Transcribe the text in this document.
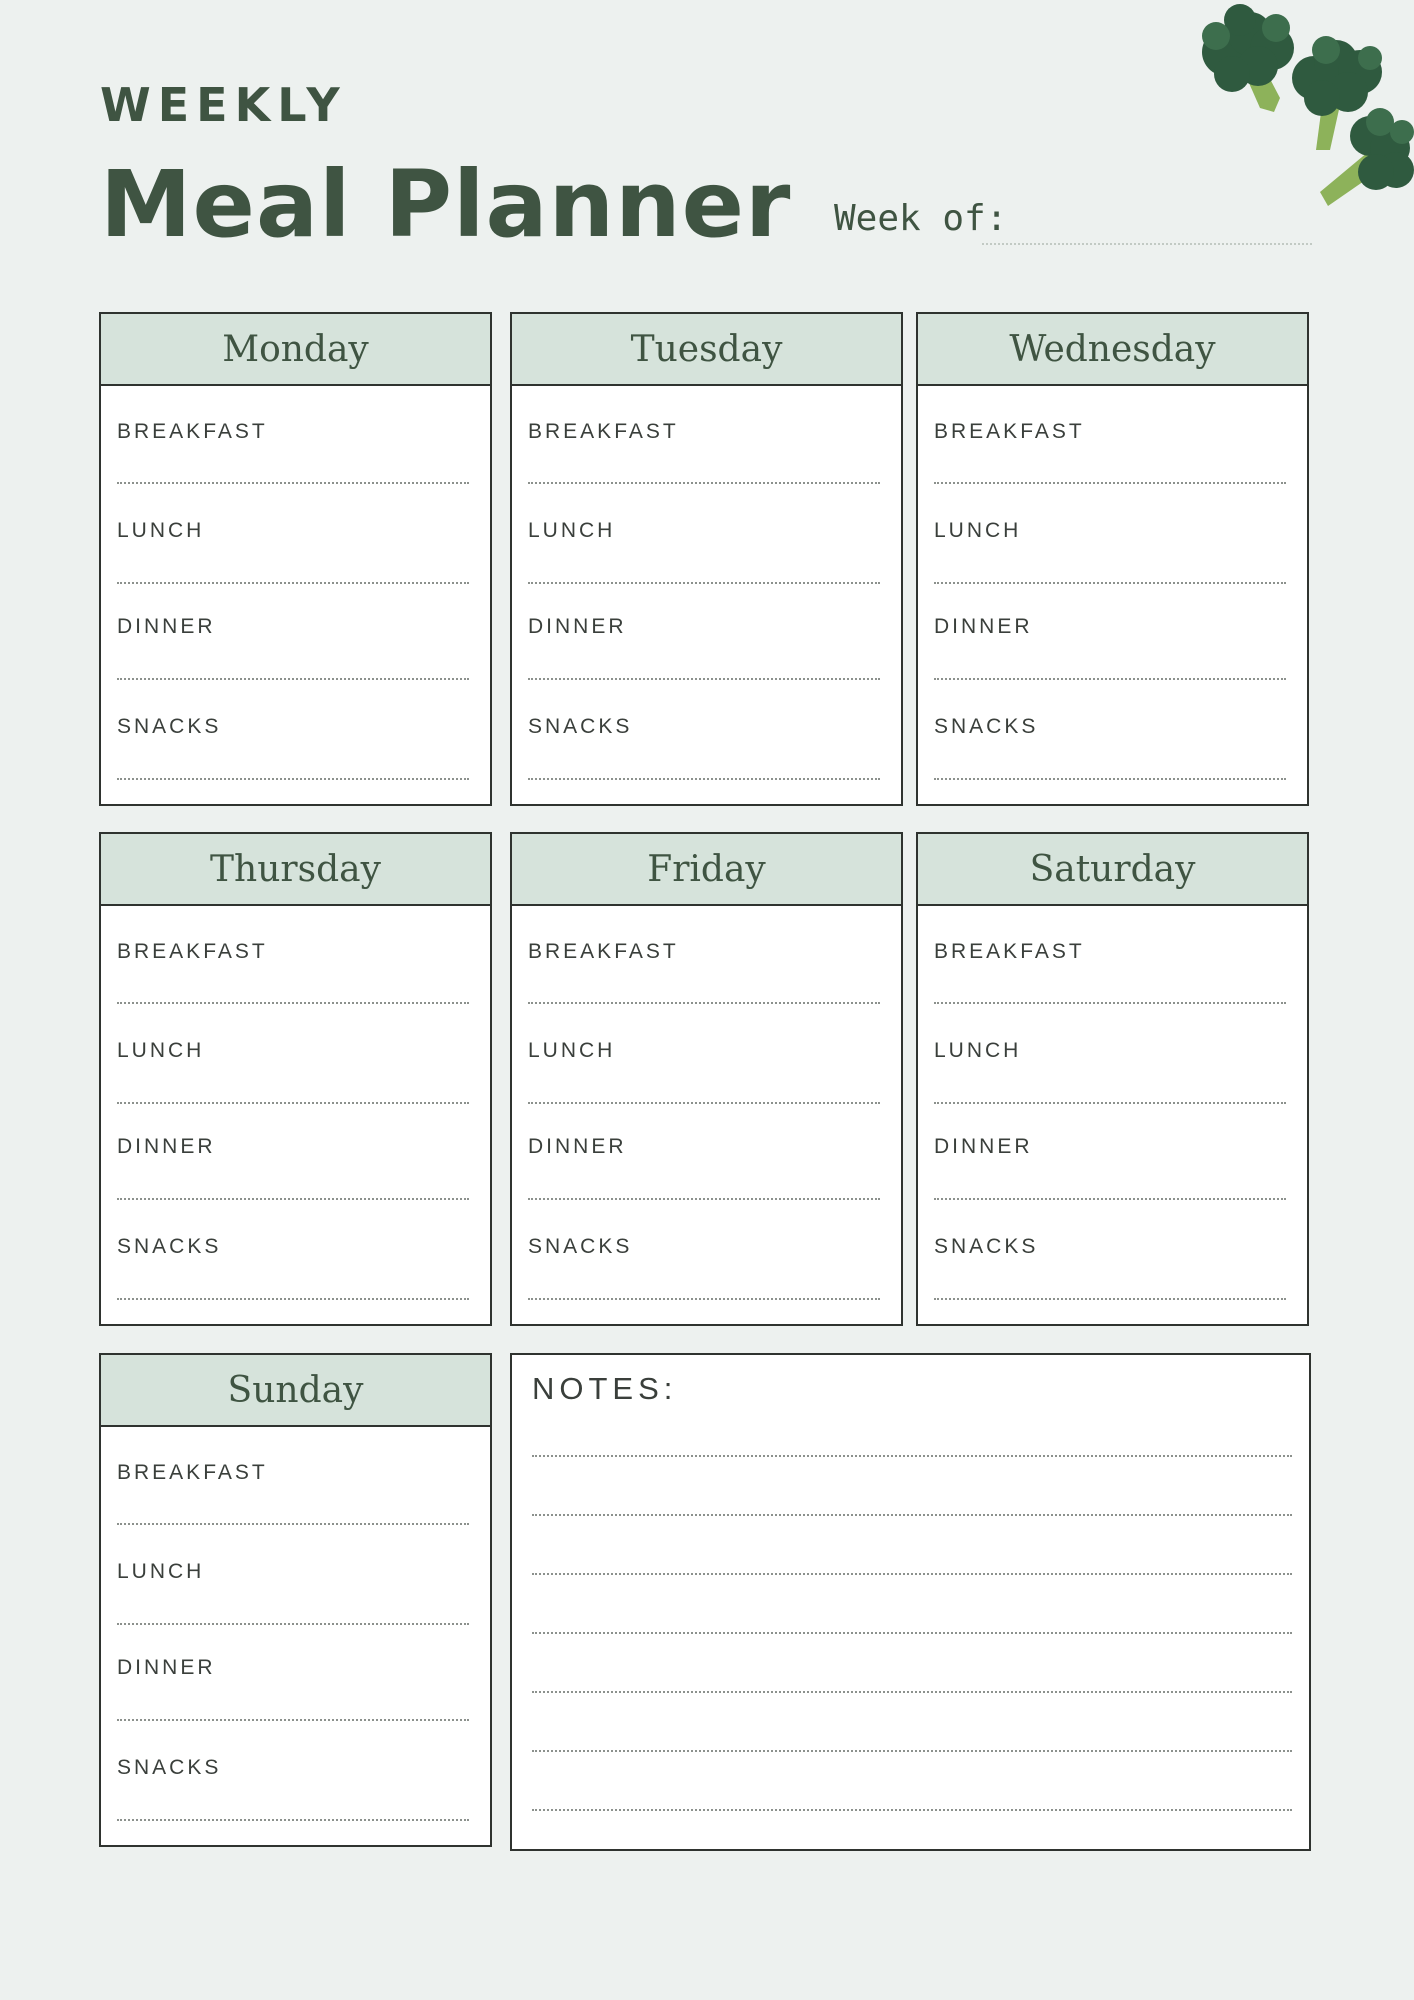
WEEKLY
Meal Planner Week of:
Monday
BREAKFAST
LUNCH
DINNER
SNACKS
Tuesday
BREAKFAST
LUNCH
DINNER
SNACKS
Wednesday
BREAKFAST
LUNCH
DINNER
SNACKS
Thursday
BREAKFAST
LUNCH
DINNER
SNACKS
Friday
BREAKFAST
LUNCH
DINNER
SNACKS
Saturday
BREAKFAST
LUNCH
DINNER
SNACKS
Sunday
BREAKFAST
LUNCH
DINNER
SNACKS
NOTES:
